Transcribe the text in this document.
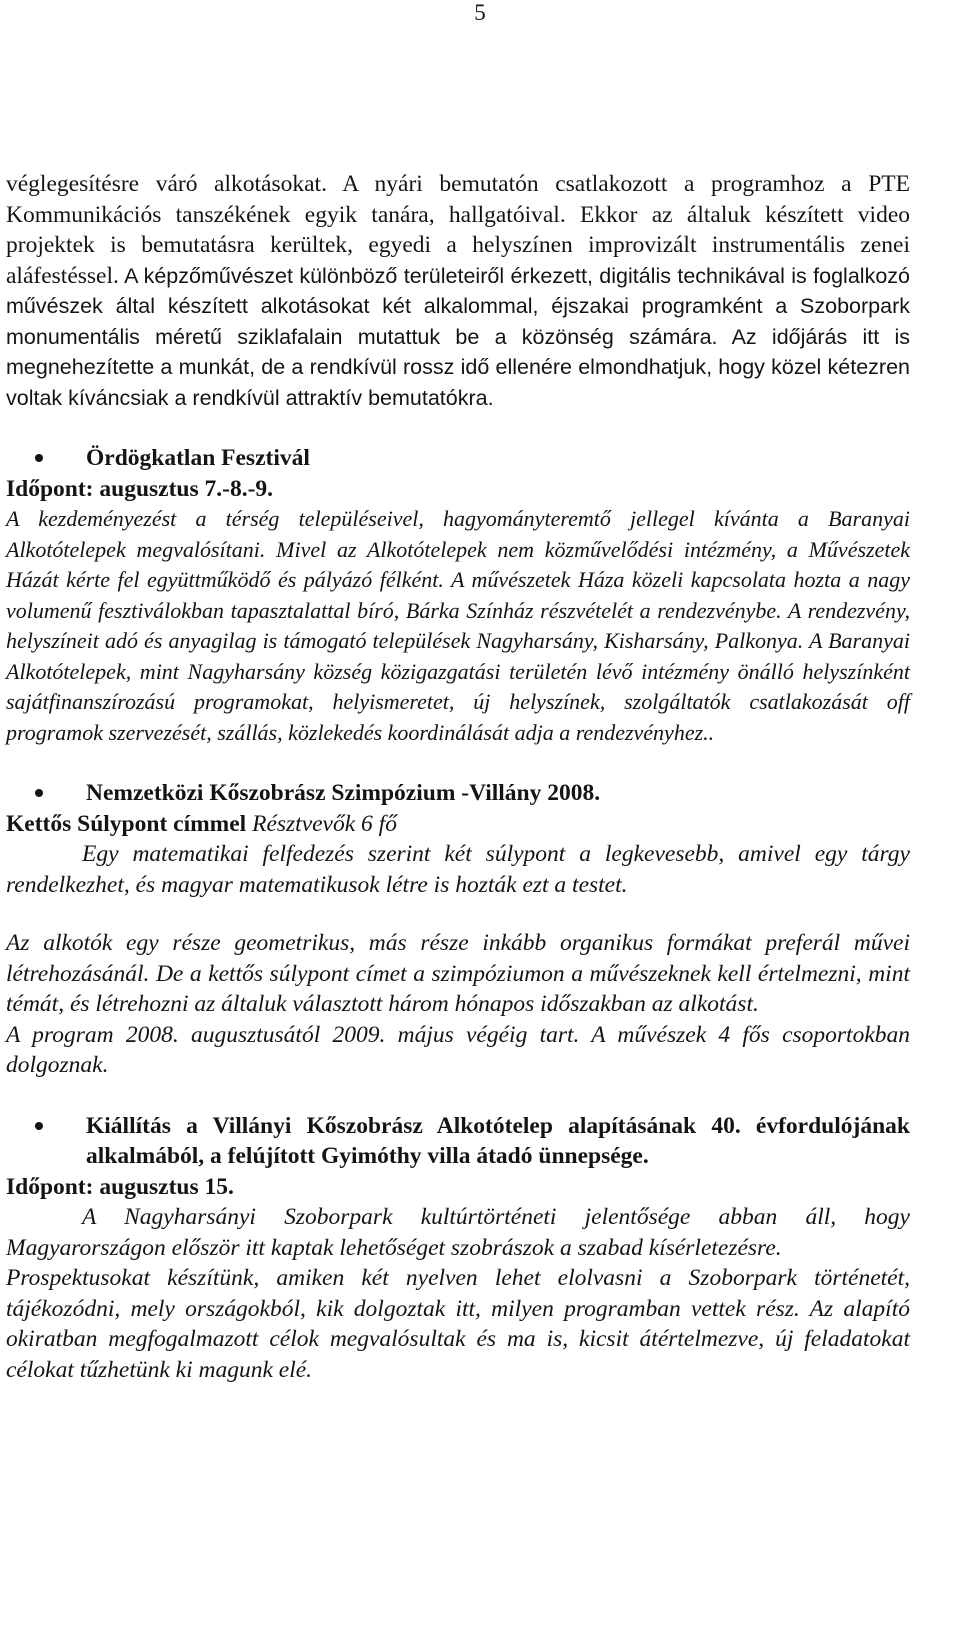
5

véglegesítésre váró alkotásokat. A nyári bemutatón csatlakozott a programhoz a PTE Kommunikációs tanszékének egyik tanára, hallgatóival. Ekkor az általuk készített video projektek is bemutatásra kerültek, egyedi a helyszínen improvizált instrumentális zenei aláfestéssel. A képzőművészet különböző területeiről érkezett, digitális technikával is foglalkozó művészek által készített alkotásokat két alkalommal, éjszakai programként a Szoborpark monumentális méretű sziklafalain mutattuk be a közönség számára. Az időjárás itt is megnehezítette a munkát, de a rendkívül rossz idő ellenére elmondhatjuk, hogy közel kétezren voltak kíváncsiak a rendkívül attraktív bemutatókra.

Ördögkatlan Fesztivál

Időpont: augusztus 7.-8.-9.

A kezdeményezést a térség településeivel, hagyományteremtő jellegel kívánta a Baranyai Alkotótelepek megvalósítani. Mivel az Alkotótelepek nem közművelődési intézmény, a Művészetek Házát kérte fel együttműködő és pályázó félként. A művészetek Háza közeli kapcsolata hozta a nagy volumenű fesztiválokban tapasztalattal bíró, Bárka Színház részvételét a rendezvénybe. A rendezvény, helyszíneit adó és anyagilag is támogató települések Nagyharsány, Kisharsány, Palkonya. A Baranyai Alkotótelepek, mint Nagyharsány község közigazgatási területén lévő intézmény önálló helyszínként sajátfinanszírozású programokat, helyismeretet, új helyszínek, szolgáltatók csatlakozását off programok szervezését, szállás, közlekedés koordinálását adja a rendezvényhez..

Nemzetközi Kőszobrász Szimpózium -Villány 2008.

Kettős Súlypont címmel Résztvevők 6 fő

Egy matematikai felfedezés szerint két súlypont a legkevesebb, amivel egy tárgy rendelkezhet, és magyar matematikusok létre is hozták ezt a testet.

Az alkotók egy része geometrikus, más része inkább organikus formákat preferál művei létrehozásánál. De a kettős súlypont címet a szimpóziumon a művészeknek kell értelmezni, mint témát, és létrehozni az általuk választott három hónapos időszakban az alkotást.

A program 2008. augusztusától 2009. május végéig tart. A művészek 4 fős csoportokban dolgoznak.

Kiállítás a Villányi Kőszobrász Alkotótelep alapításának 40. évfordulójának alkalmából, a felújított Gyimóthy villa átadó ünnepsége.

Időpont: augusztus 15.

A Nagyharsányi Szoborpark kultúrtörténeti jelentősége abban áll, hogy Magyarországon először itt kaptak lehetőséget szobrászok a szabad kísérletezésre.

Prospektusokat készítünk, amiken két nyelven lehet elolvasni a Szoborpark történetét, tájékozódni, mely országokból, kik dolgoztak itt, milyen programban vettek rész. Az alapító okiratban megfogalmazott célok megvalósultak és ma is, kicsit átértelmezve, új feladatokat célokat tűzhetünk ki magunk elé.
